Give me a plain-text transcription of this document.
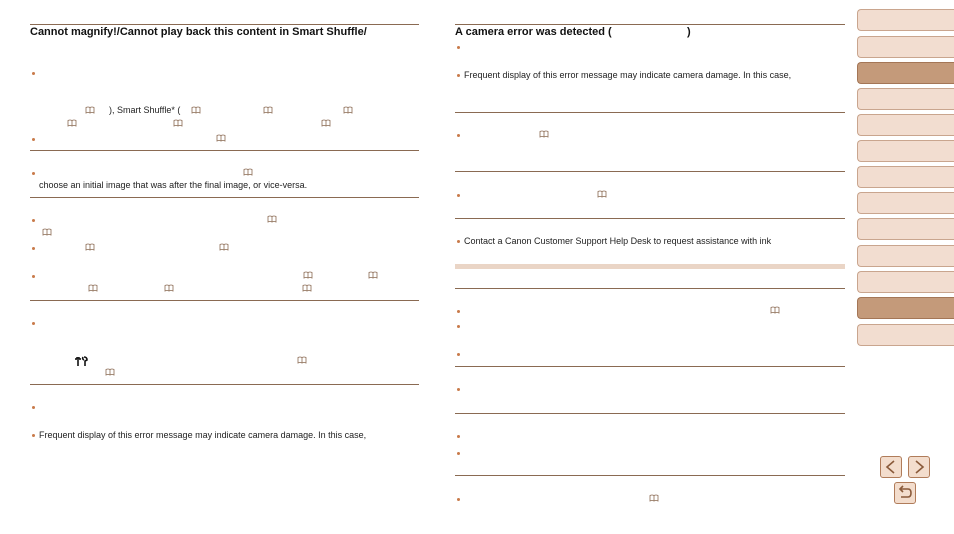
Cannot magnify!/Cannot play back this content in Smart Shuffle/
), Smart Shuffle* (
choose an initial image that was after the final image, or vice-versa.
Frequent display of this error message may indicate camera damage. In this case,
A camera error was detected (	)
Frequent display of this error message may indicate camera damage. In this case,
Contact a Canon Customer Support Help Desk to request assistance with ink
